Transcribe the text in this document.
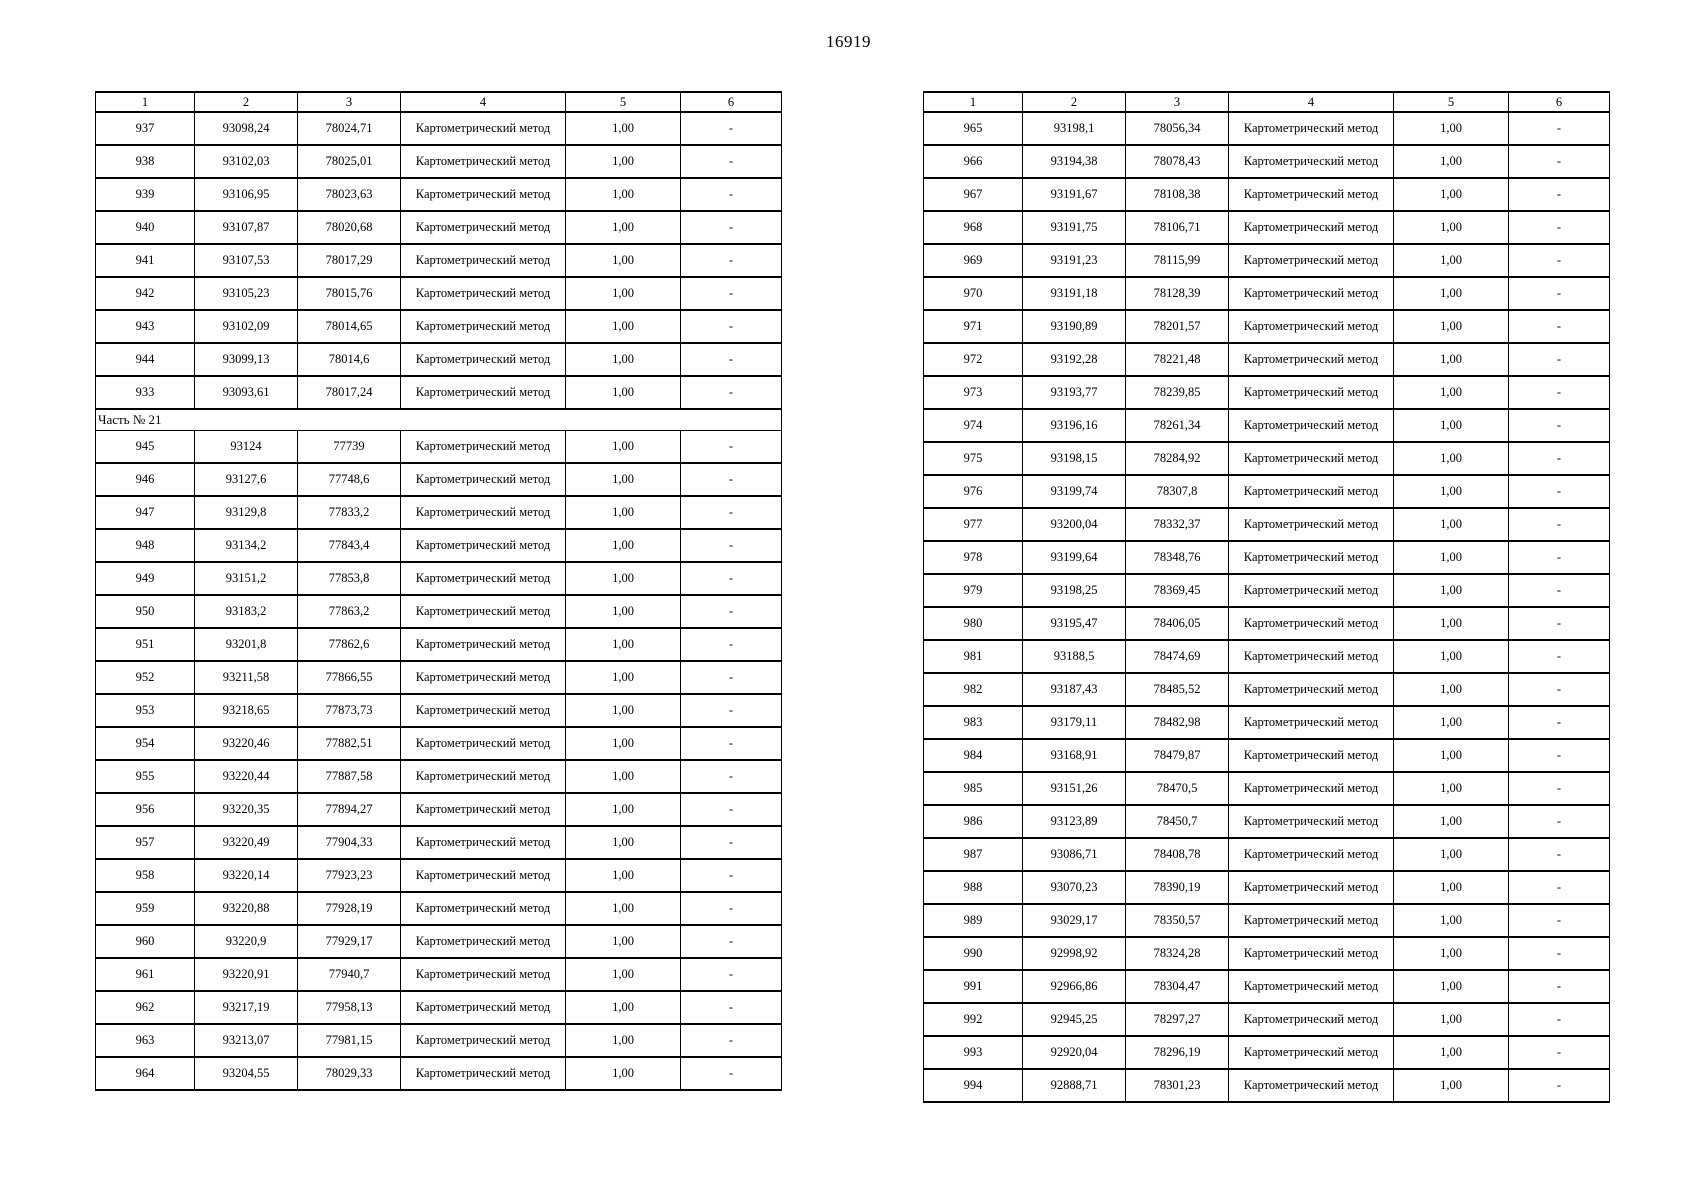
16919
1	2	3	4	5	6
937	93098,24	78024,71	Картометрический метод	1,00	-
938	93102,03	78025,01	Картометрический метод	1,00	-
939	93106,95	78023,63	Картометрический метод	1,00	-
940	93107,87	78020,68	Картометрический метод	1,00	-
941	93107,53	78017,29	Картометрический метод	1,00	-
942	93105,23	78015,76	Картометрический метод	1,00	-
943	93102,09	78014,65	Картометрический метод	1,00	-
944	93099,13	78014,6	Картометрический метод	1,00	-
933	93093,61	78017,24	Картометрический метод	1,00	-
Часть № 21					
945	93124	77739	Картометрический метод	1,00	-
946	93127,6	77748,6	Картометрический метод	1,00	-
947	93129,8	77833,2	Картометрический метод	1,00	-
948	93134,2	77843,4	Картометрический метод	1,00	-
949	93151,2	77853,8	Картометрический метод	1,00	-
950	93183,2	77863,2	Картометрический метод	1,00	-
951	93201,8	77862,6	Картометрический метод	1,00	-
952	93211,58	77866,55	Картометрический метод	1,00	-
953	93218,65	77873,73	Картометрический метод	1,00	-
954	93220,46	77882,51	Картометрический метод	1,00	-
955	93220,44	77887,58	Картометрический метод	1,00	-
956	93220,35	77894,27	Картометрический метод	1,00	-
957	93220,49	77904,33	Картометрический метод	1,00	-
958	93220,14	77923,23	Картометрический метод	1,00	-
959	93220,88	77928,19	Картометрический метод	1,00	-
960	93220,9	77929,17	Картометрический метод	1,00	-
961	93220,91	77940,7	Картометрический метод	1,00	-
962	93217,19	77958,13	Картометрический метод	1,00	-
963	93213,07	77981,15	Картометрический метод	1,00	-
964	93204,55	78029,33	Картометрический метод	1,00	-
1	2	3	4	5	6
965	93198,1	78056,34	Картометрический метод	1,00	-
966	93194,38	78078,43	Картометрический метод	1,00	-
967	93191,67	78108,38	Картометрический метод	1,00	-
968	93191,75	78106,71	Картометрический метод	1,00	-
969	93191,23	78115,99	Картометрический метод	1,00	-
970	93191,18	78128,39	Картометрический метод	1,00	-
971	93190,89	78201,57	Картометрический метод	1,00	-
972	93192,28	78221,48	Картометрический метод	1,00	-
973	93193,77	78239,85	Картометрический метод	1,00	-
974	93196,16	78261,34	Картометрический метод	1,00	-
975	93198,15	78284,92	Картометрический метод	1,00	-
976	93199,74	78307,8	Картометрический метод	1,00	-
977	93200,04	78332,37	Картометрический метод	1,00	-
978	93199,64	78348,76	Картометрический метод	1,00	-
979	93198,25	78369,45	Картометрический метод	1,00	-
980	93195,47	78406,05	Картометрический метод	1,00	-
981	93188,5	78474,69	Картометрический метод	1,00	-
982	93187,43	78485,52	Картометрический метод	1,00	-
983	93179,11	78482,98	Картометрический метод	1,00	-
984	93168,91	78479,87	Картометрический метод	1,00	-
985	93151,26	78470,5	Картометрический метод	1,00	-
986	93123,89	78450,7	Картометрический метод	1,00	-
987	93086,71	78408,78	Картометрический метод	1,00	-
988	93070,23	78390,19	Картометрический метод	1,00	-
989	93029,17	78350,57	Картометрический метод	1,00	-
990	92998,92	78324,28	Картометрический метод	1,00	-
991	92966,86	78304,47	Картометрический метод	1,00	-
992	92945,25	78297,27	Картометрический метод	1,00	-
993	92920,04	78296,19	Картометрический метод	1,00	-
994	92888,71	78301,23	Картометрический метод	1,00	-
